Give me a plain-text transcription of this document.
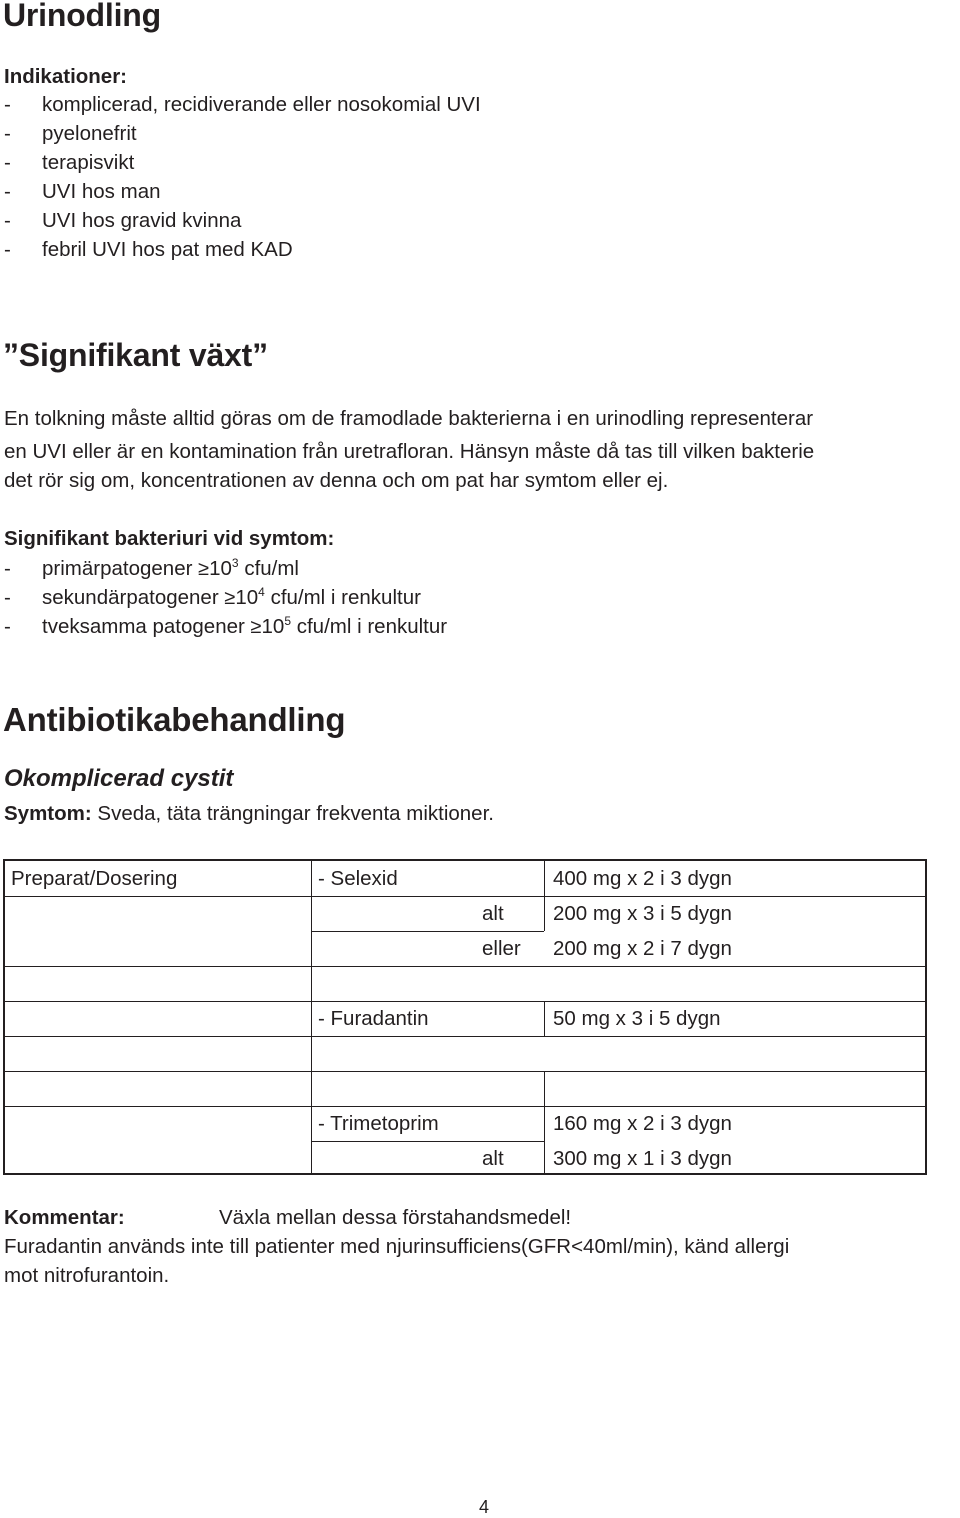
Urinodling
Indikationer:
- komplicerad, recidiverande eller nosokomial UVI
- pyelonefrit
- terapisvikt
- UVI hos man
- UVI hos gravid kvinna
- febril UVI hos pat med KAD
”Signifikant växt”
En tolkning måste alltid göras om de framodlade bakterierna i en urinodling representerar
en UVI eller är en kontamination från uretrafloran. Hänsyn måste då tas till vilken bakterie
det rör sig om, koncentrationen av denna och om pat har symtom eller ej.
Signifikant bakteriuri vid symtom:
- primärpatogener $\ge 10^3$ cfu/ml
- sekundärpatogener $\ge 10^4$ cfu/ml i renkultur
- tveksamma patogener $\ge 10^5$ cfu/ml i renkultur
Antibiotikabehandling
Okomplicerad cystit
Symtom: Sveda, täta trängningar frekventa miktioner.
Preparat/Dosering	- Selexid	400 mg x 2 i 3 dygn
alt 200 mg x 3 i 5 dygn
eller 200 mg x 2 i 7 dygn
- Furadantin	50 mg x 3 i 5 dygn
- Trimetoprim	160 mg x 2 i 3 dygn
alt 300 mg x 1 i 3 dygn
Kommentar:	Växla mellan dessa förstahandsmedel!
Furadantin används inte till patienter med njurinsufficiens(GFR<40ml/min), känd allergi
mot nitrofurantoin.
4
